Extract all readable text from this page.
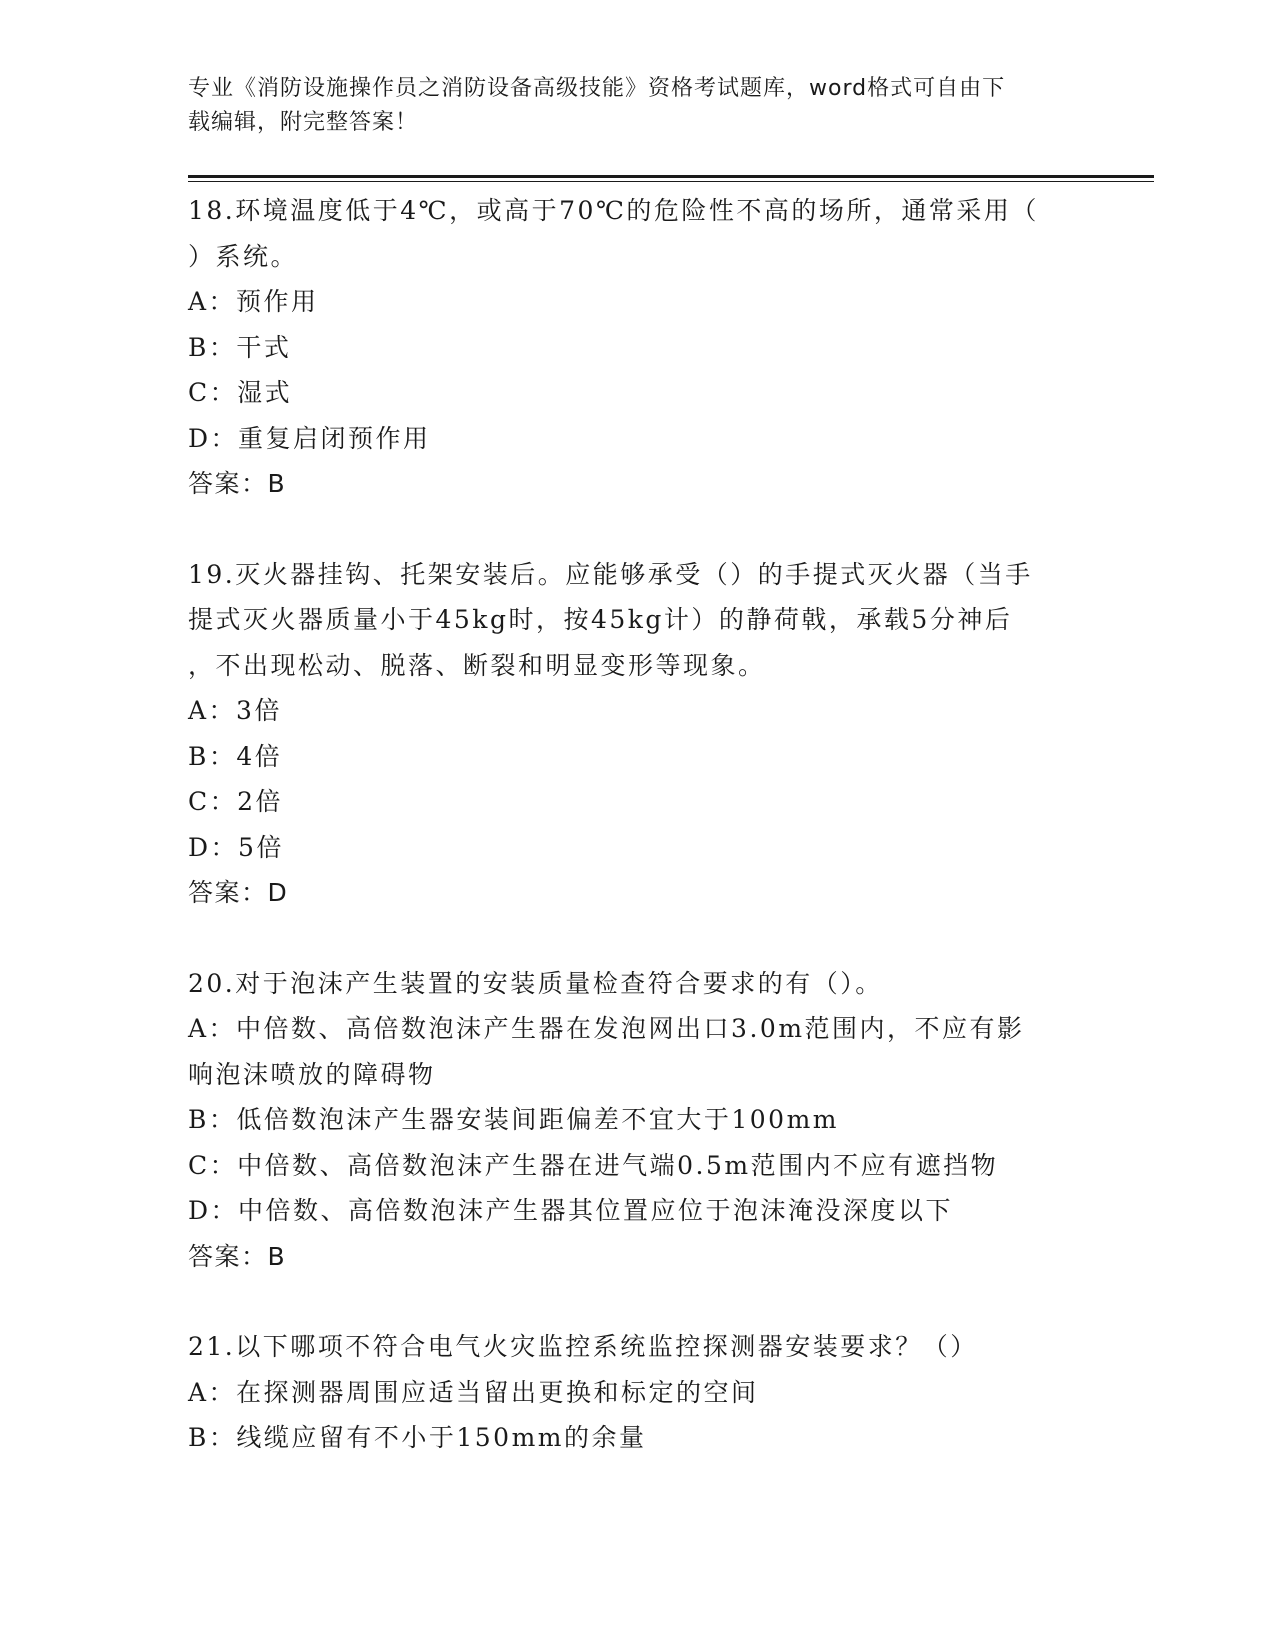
专业《消防设施操作员之消防设备高级技能》资格考试题库，word格式可自由下
载编辑，附完整答案！
18.环境温度低于4℃，或高于70℃的危险性不高的场所，通常采用（
）系统。
A：预作用
B：干式
C：湿式
D：重复启闭预作用
答案：B
19.灭火器挂钩、托架安装后。应能够承受（）的手提式灭火器（当手
提式灭火器质量小于45kg时，按45kg计）的静荷戟，承载5分神后
，不出现松动、脱落、断裂和明显变形等现象。
A：3倍
B：4倍
C：2倍
D：5倍
答案：D
20.对于泡沫产生装置的安装质量检查符合要求的有（）。
A：中倍数、高倍数泡沫产生器在发泡网出口3.0m范围内，不应有影
响泡沫喷放的障碍物
B：低倍数泡沫产生器安装间距偏差不宜大于100mm
C：中倍数、高倍数泡沫产生器在进气端0.5m范围内不应有遮挡物
D：中倍数、高倍数泡沫产生器其位置应位于泡沫淹没深度以下
答案：B
21.以下哪项不符合电气火灾监控系统监控探测器安装要求？（）
A：在探测器周围应适当留出更换和标定的空间
B：线缆应留有不小于150mm的余量
